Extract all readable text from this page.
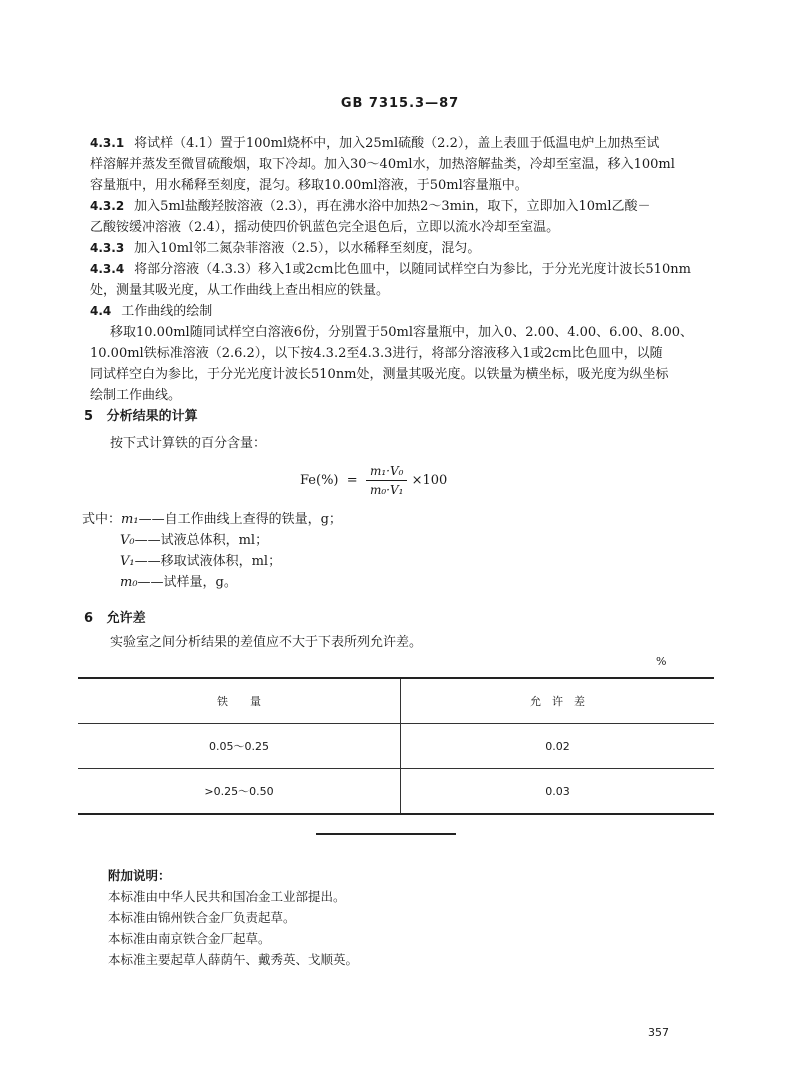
GB 7315.3—87
4.3.1 将试样（4.1）置于100ml烧杯中，加入25ml硫酸（2.2），盖上表皿于低温电炉上加热至试
样溶解并蒸发至微冒硫酸烟，取下冷却。加入30～40ml水，加热溶解盐类，冷却至室温，移入100ml
容量瓶中，用水稀释至刻度，混匀。移取10.00ml溶液，于50ml容量瓶中。
4.3.2 加入5ml盐酸羟胺溶液（2.3），再在沸水浴中加热2～3min，取下，立即加入10ml乙酸－
乙酸铵缓冲溶液（2.4），摇动使四价钒蓝色完全退色后，立即以流水冷却至室温。
4.3.3 加入10ml邻二氮杂菲溶液（2.5），以水稀释至刻度，混匀。
4.3.4 将部分溶液（4.3.3）移入1或2cm比色皿中，以随同试样空白为参比，于分光光度计波长510nm
处，测量其吸光度，从工作曲线上查出相应的铁量。
4.4 工作曲线的绘制
移取10.00ml随同试样空白溶液6份，分别置于50ml容量瓶中，加入0、2.00、4.00、6.00、8.00、
10.00ml铁标准溶液（2.6.2），以下按4.3.2至4.3.3进行，将部分溶液移入1或2cm比色皿中，以随
同试样空白为参比，于分光光度计波长510nm处，测量其吸光度。以铁量为横坐标，吸光度为纵坐标
绘制工作曲线。
5 分析结果的计算
按下式计算铁的百分含量：
$Fe(\%) = \frac{\text{m₁·V₀}}{\text{m₀·V₁}} \times 100$
式中：m₁——自工作曲线上查得的铁量，g；
V₀——试液总体积，ml；
V₁——移取试液体积，ml；
m₀——试样量，g。
6 允许差
实验室之间分析结果的差值应不大于下表所列允许差。
%
铁　　量	允　许　差
0.05～0.25	0.02
>0.25～0.50	0.03
附加说明：
本标准由中华人民共和国冶金工业部提出。
本标准由锦州铁合金厂负责起草。
本标准由南京铁合金厂起草。
本标准主要起草人薛荫午、戴秀英、戈顺英。
357
